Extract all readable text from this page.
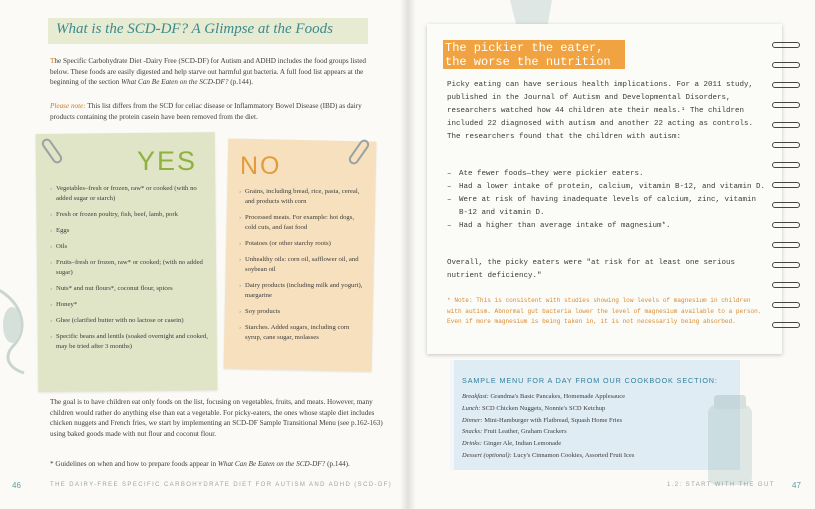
What is the SCD-DF? A Glimpse at the Foods
The Specific Carbohydrate Diet -Dairy Free (SCD-DF) for Autism and ADHD includes the food groups listed below. These foods are easily digested and help starve out harmful gut bacteria. A full food list appears at the beginning of the section What Can Be Eaten on the SCD-DF? (p.144).
Please note: This list differs from the SCD for celiac disease or Inflammatory Bowel Disease (IBD) as dairy products containing the protein casein have been removed from the diet.
YES NO
› Vegetables–fresh or frozen, raw* or cooked (with no added sugar or starch)
› Fresh or frozen poultry, fish, beef, lamb, pork
› Eggs
› Oils
› Fruits–fresh or frozen, raw* or cooked; (with no added sugar)
› Nuts* and nut flours*, coconut flour, spices
› Honey*
› Ghee (clarified butter with no lactose or casein)
› Specific beans and lentils (soaked overnight and cooked, may be tried after 3 months)
› Grains, including bread, rice, pasta, cereal, and products with corn
› Processed meats. For example: hot dogs, cold cuts, and fast food
› Potatoes (or other starchy roots)
› Unhealthy oils: corn oil, safflower oil, and soybean oil
› Dairy products (including milk and yogurt), margarine
› Soy products
› Starches. Added sugars, including corn syrup, cane sugar, molasses
The goal is to have children eat only foods on the list, focusing on vegetables, fruits, and meats. However, many children would rather do anything else than eat a vegetable. For picky-eaters, the ones whose staple diet includes chicken nuggets and French fries, we start by implementing an SCD-DF Sample Transitional Menu (see p.162-163) using baked goods made with nut flour and coconut flour.
* Guidelines on when and how to prepare foods appear in What Can Be Eaten on the SCD-DF? (p.144).
46	THE DAIRY-FREE SPECIFIC CARBOHYDRATE DIET FOR AUTISM AND ADHD (SCD-DF)
The pickier the eater,
the worse the nutrition
Picky eating can have serious health implications. For a 2011 study, published in the Journal of Autism and Developmental Disorders, researchers watched how 44 children ate their meals.¹ The children included 22 diagnosed with autism and another 22 acting as controls. The researchers found that the children with autism:
– Ate fewer foods—they were pickier eaters.
– Had a lower intake of protein, calcium, vitamin B-12, and vitamin D.
– Were at risk of having inadequate levels of calcium, zinc, vitamin B-12 and vitamin D.
– Had a higher than average intake of magnesium*.
Overall, the picky eaters were "at risk for at least one serious nutrient deficiency."
* Note: This is consistent with studies showing low levels of magnesium in children with autism. Abnormal gut bacteria lower the level of magnesium available to a person. Even if more magnesium is being taken in, it is not necessarily being absorbed.
SAMPLE MENU FOR A DAY FROM OUR COOKBOOK SECTION:
Breakfast: Grandma's Basic Pancakes, Homemade Applesauce
Lunch: SCD Chicken Nuggets, Nonnie's SCD Ketchup
Dinner: Mini-Hamburger with Flatbread, Squash Home Fries
Snacks: Fruit Leather, Graham Crackers
Drinks: Ginger Ale, Indian Lemonade
Dessert (optional): Lucy's Cinnamon Cookies, Assorted Fruit Ices
47
1.2: START WITH THE GUT
